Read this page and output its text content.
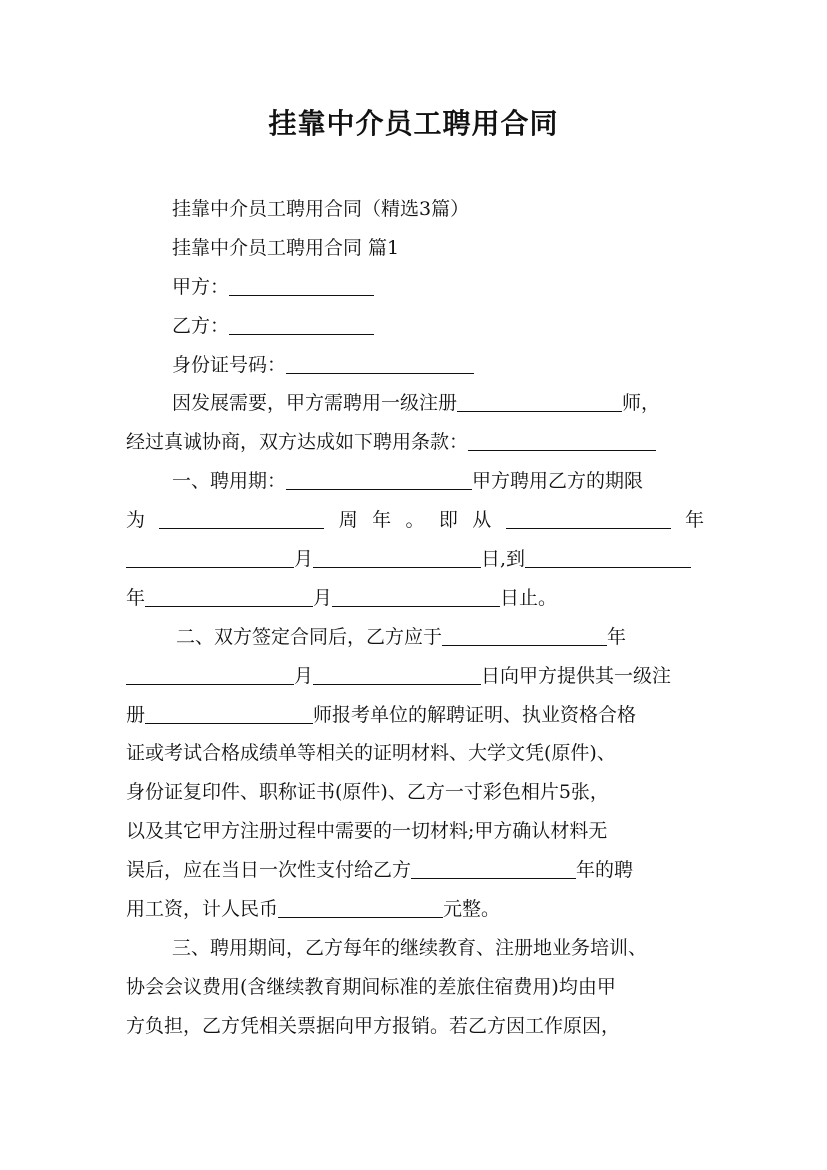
挂靠中介员工聘用合同
挂靠中介员工聘用合同（精选3篇）
挂靠中介员工聘用合同 篇1
甲方：
乙方：
身份证号码：
因发展需要，甲方需聘用一级注册	师，
经过真诚协商，双方达成如下聘用条款：
一、聘用期：	甲方聘用乙方的期限
为	周年。即从	年
月	日,到
年	月	日止。
二、双方签定合同后，乙方应于	年
月	日向甲方提供其一级注
册	师报考单位的解聘证明、执业资格合格
证或考试合格成绩单等相关的证明材料、大学文凭(原件)、
身份证复印件、职称证书(原件)、乙方一寸彩色相片5张，
以及其它甲方注册过程中需要的一切材料;甲方确认材料无
误后，应在当日一次性支付给乙方	年的聘
用工资，计人民币	元整。
三、聘用期间，乙方每年的继续教育、注册地业务培训、
协会会议费用(含继续教育期间标准的差旅住宿费用)均由甲
方负担，乙方凭相关票据向甲方报销。若乙方因工作原因，
